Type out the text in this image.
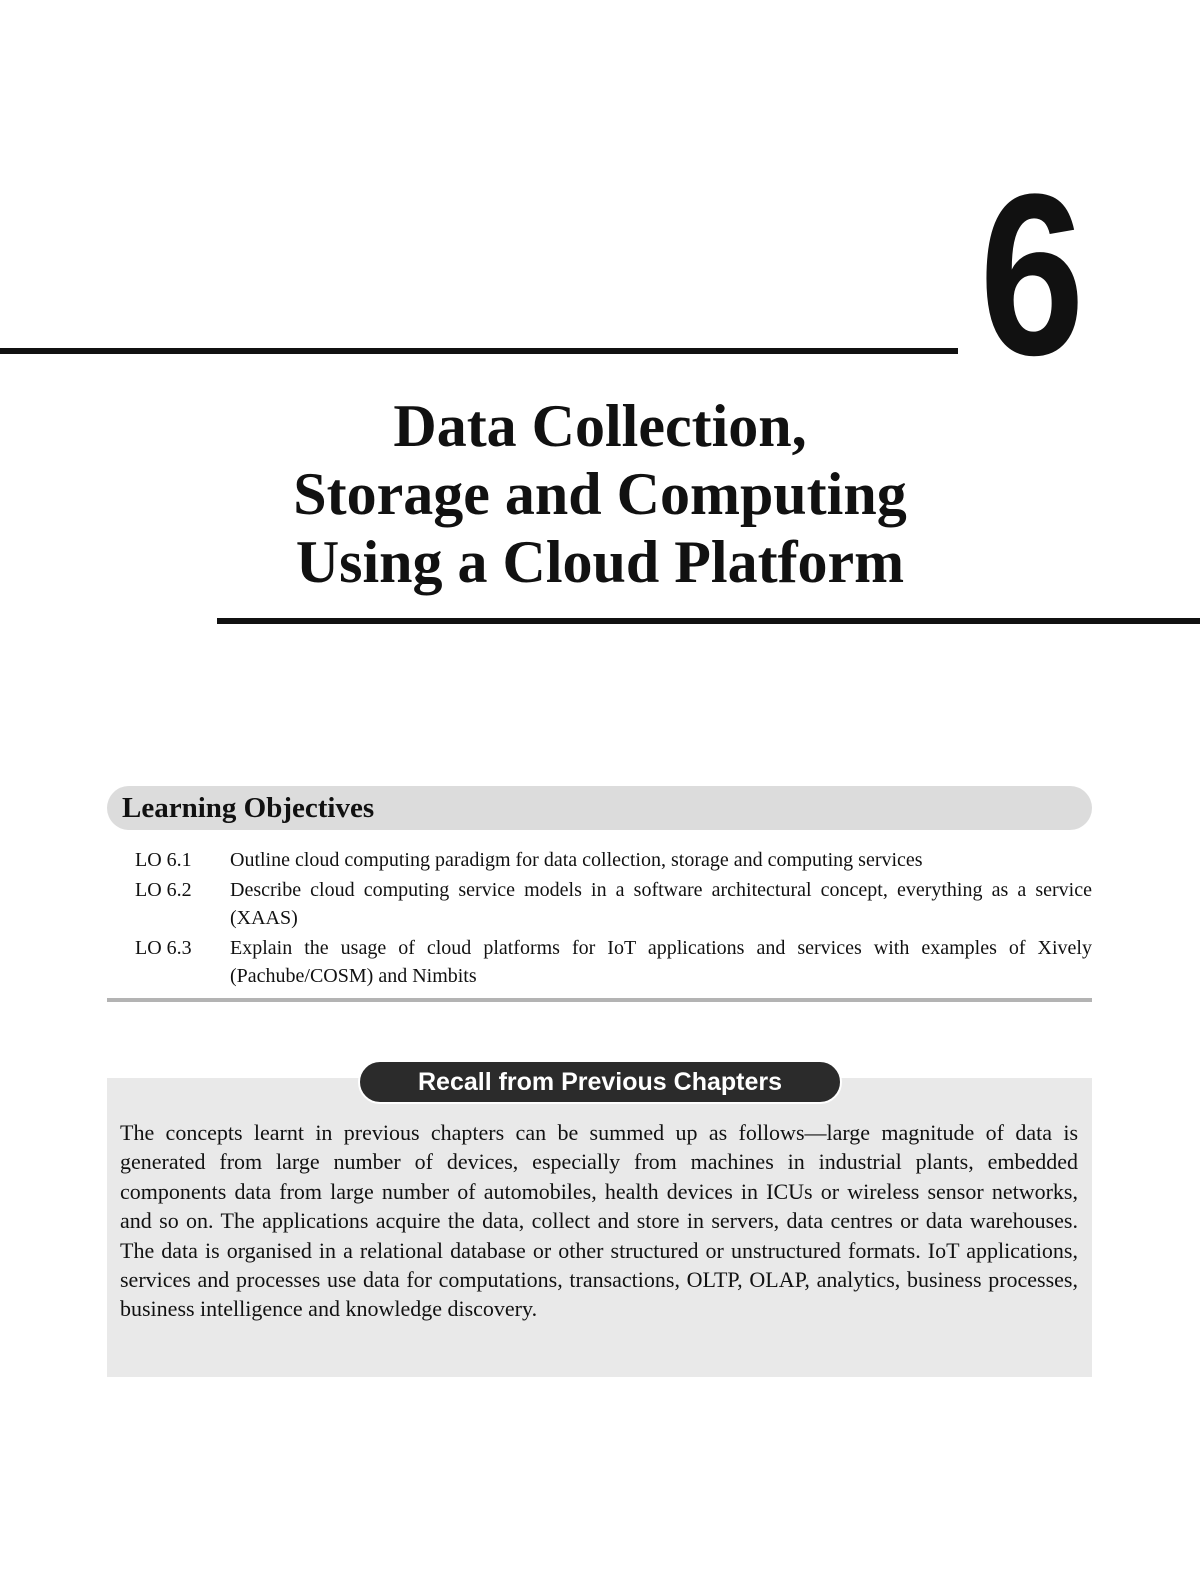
6
Data Collection,
Storage and Computing
Using a Cloud Platform
Learning Objectives
LO 6.1	Outline cloud computing paradigm for data collection, storage and computing services
LO 6.2	Describe cloud computing service models in a software architectural concept, everything as a service (XAAS)
LO 6.3	Explain the usage of cloud platforms for IoT applications and services with examples of Xively (Pachube/COSM) and Nimbits
Recall from Previous Chapters
The concepts learnt in previous chapters can be summed up as follows—large magnitude of data is generated from large number of devices, especially from machines in industrial plants, embedded components data from large number of automobiles, health devices in ICUs or wireless sensor networks, and so on. The applications acquire the data, collect and store in servers, data centres or data warehouses. The data is organised in a relational database or other structured or unstructured formats. IoT applications, services and processes use data for computations, transactions, OLTP, OLAP, analytics, business processes, business intelligence and knowledge discovery.
